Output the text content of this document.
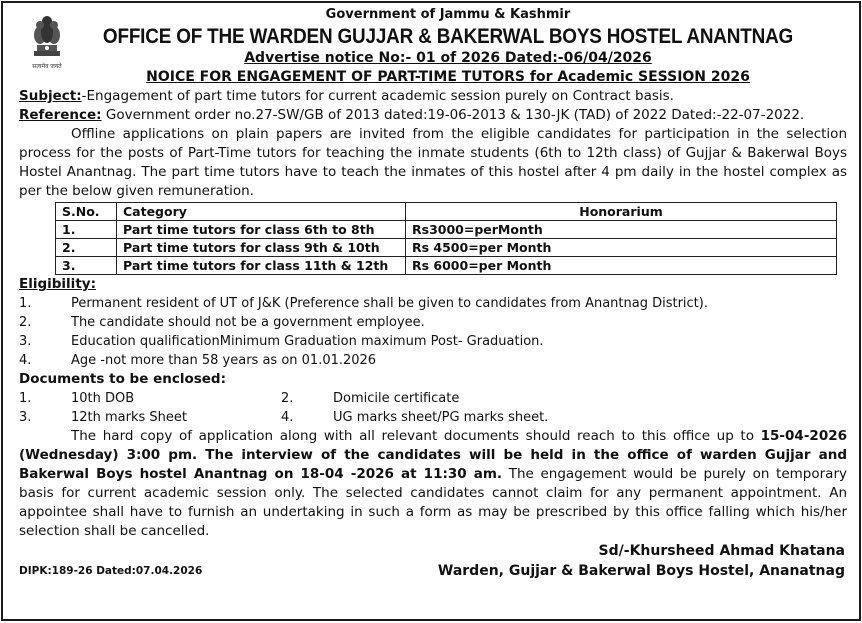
सत्यमेव जयते
Government of Jammu & Kashmir
OFFICE OF THE WARDEN GUJJAR & BAKERWAL BOYS HOSTEL ANANTNAG
Advertise notice No:- 01 of 2026 Dated:-06/04/2026
NOICE FOR ENGAGEMENT OF PART-TIME TUTORS for Academic SESSION 2026

Subject:-Engagement of part time tutors for current academic session purely on Contract basis.

Reference: Government order no.27-SW/GB of 2013 dated:19-06-2013 & 130-JK (TAD) of 2022 Dated:-22-07-2022.

Offline applications on plain papers are invited from the eligible candidates for participation in the selection process for the posts of Part-Time tutors for teaching the inmate students (6th to 12th class) of Gujjar & Bakerwal Boys Hostel Anantnag. The part time tutors have to teach the inmates of this hostel after 4 pm daily in the hostel complex as per the below given remuneration.

S.No.	Category	Honorarium
1.	Part time tutors for class 6th to 8th	Rs3000=perMonth
2.	Part time tutors for class 9th & 10th	Rs 4500=per Month
3.	Part time tutors for class 11th & 12th	Rs 6000=per Month
Eligibility:
1.	Permanent resident of UT of J&K (Preference shall be given to candidates from Anantnag District).
2.	The candidate should not be a government employee.
3.	Education qualificationMinimum Graduation maximum Post- Graduation.
4.	Age -not more than 58 years as on 01.01.2026
Documents to be enclosed:
1.	10th DOB	2.	Domicile certificate
3.	12th marks Sheet	4.	UG marks sheet/PG marks sheet.

The hard copy of application along with all relevant documents should reach to this office up to 15-04-2026 (Wednesday) 3:00 pm. The interview of the candidates will be held in the office of warden Gujjar and Bakerwal Boys hostel Anantnag on 18-04 -2026 at 11:30 am. The engagement would be purely on temporary basis for current academic session only. The selected candidates cannot claim for any permanent appointment. An appointee shall have to furnish an undertaking in such a form as may be prescribed by this office falling which his/her selection shall be cancelled.

Sd/-Khursheed Ahmad Khatana
DIPK:189-26 Dated:07.04.2026	Warden, Gujjar & Bakerwal Boys Hostel, Ananatnag
